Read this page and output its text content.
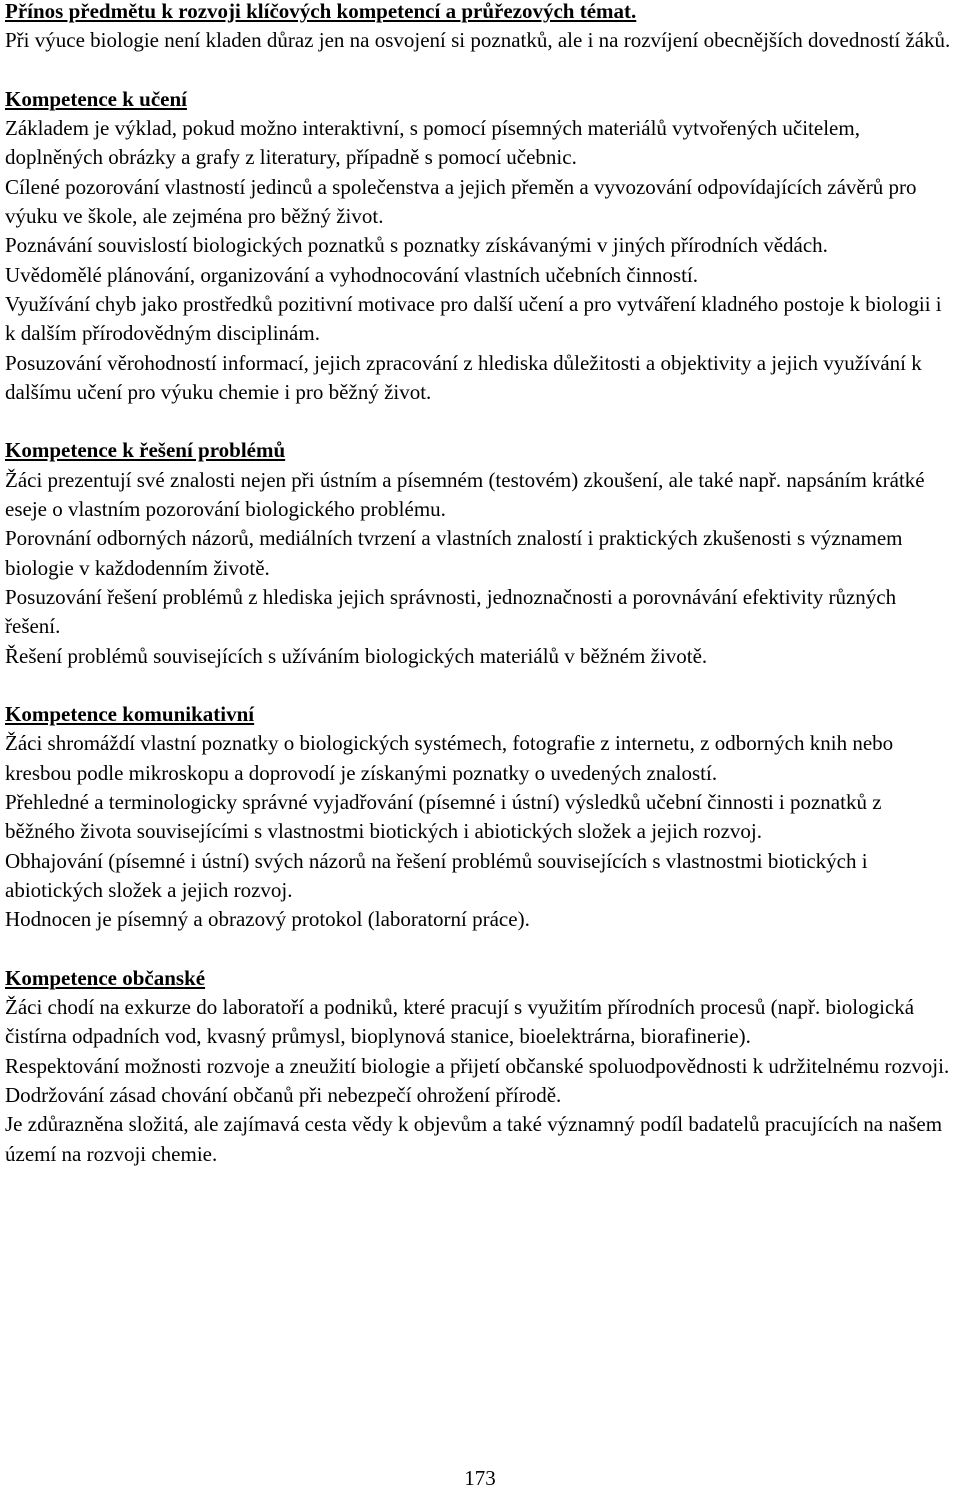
Přínos předmětu k rozvoji klíčových kompetencí a průřezových témat.

Při výuce biologie není kladen důraz jen na osvojení si poznatků, ale i na rozvíjení obecnějších dovedností žáků.

Kompetence k učení

Základem je výklad, pokud možno interaktivní, s pomocí písemných materiálů vytvořených učitelem, doplněných obrázky a grafy z literatury, případně s pomocí učebnic.

Cílené pozorování vlastností jedinců a společenstva a jejich přeměn a vyvozování odpovídajících závěrů pro výuku ve škole, ale zejména pro běžný život.

Poznávání souvislostí biologických poznatků s poznatky získávanými v jiných přírodních vědách.

Uvědomělé plánování, organizování a vyhodnocování vlastních učebních činností.

Využívání chyb jako prostředků pozitivní motivace pro další učení a pro vytváření kladného postoje k biologii i k dalším přírodovědným disciplinám.

Posuzování věrohodností informací, jejich zpracování z hlediska důležitosti a objektivity a jejich využívání k dalšímu učení pro výuku chemie i pro běžný život.

Kompetence k řešení problémů

Žáci prezentují své znalosti nejen při ústním a písemném (testovém) zkoušení, ale také např. napsáním krátké eseje o vlastním pozorování biologického problému.

Porovnání odborných názorů, mediálních tvrzení a vlastních znalostí i praktických zkušenosti s významem biologie v každodenním životě.

Posuzování řešení problémů z hlediska jejich správnosti, jednoznačnosti a porovnávání efektivity různých řešení.

Řešení problémů souvisejících s užíváním biologických materiálů v běžném životě.

Kompetence komunikativní

Žáci shromáždí vlastní poznatky o biologických systémech, fotografie z internetu, z odborných knih nebo kresbou podle mikroskopu a doprovodí je získanými poznatky o uvedených znalostí.

Přehledné a terminologicky správné vyjadřování (písemné i ústní) výsledků učební činnosti i poznatků z běžného života souvisejícími s vlastnostmi biotických i abiotických složek a jejich rozvoj.

Obhajování (písemné i ústní) svých názorů na řešení problémů souvisejících s vlastnostmi biotických i abiotických složek a jejich rozvoj.

Hodnocen je písemný a obrazový protokol (laboratorní práce).

Kompetence občanské

Žáci chodí na exkurze do laboratoří a podniků, které pracují s využitím přírodních procesů (např. biologická čistírna odpadních vod, kvasný průmysl, bioplynová stanice, bioelektrárna, biorafinerie).

Respektování možnosti rozvoje a zneužití biologie a přijetí občanské spoluodpovědnosti k udržitelnému rozvoji.

Dodržování zásad chování občanů při nebezpečí ohrožení přírodě.

Je zdůrazněna složitá, ale zajímavá cesta vědy k objevům a také významný podíl badatelů pracujících na našem území na rozvoji chemie.

173
